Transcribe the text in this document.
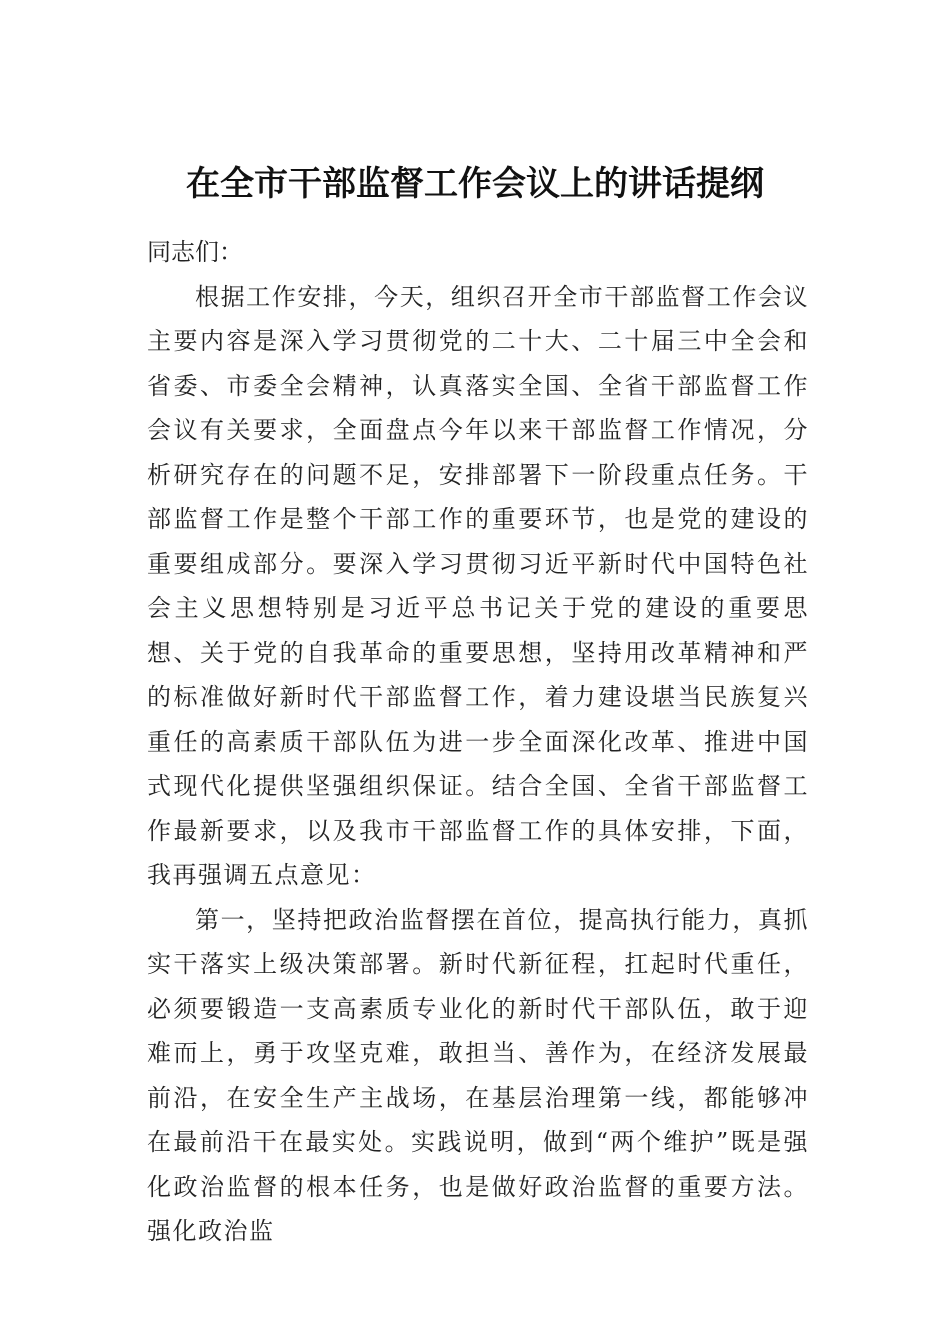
在全市干部监督工作会议上的讲话提纲

同志们：

根据工作安排，今天，组织召开全市干部监督工作会议主要内容是深入学习贯彻党的二十大、二十届三中全会和省委、市委全会精神，认真落实全国、全省干部监督工作会议有关要求，全面盘点今年以来干部监督工作情况，分析研究存在的问题不足，安排部署下一阶段重点任务。干部监督工作是整个干部工作的重要环节，也是党的建设的重要组成部分。要深入学习贯彻习近平新时代中国特色社会主义思想特别是习近平总书记关于党的建设的重要思想、关于党的自我革命的重要思想，坚持用改革精神和严的标准做好新时代干部监督工作，着力建设堪当民族复兴重任的高素质干部队伍为进一步全面深化改革、推进中国式现代化提供坚强组织保证。结合全国、全省干部监督工作最新要求，以及我市干部监督工作的具体安排，下面，我再强调五点意见：

第一，坚持把政治监督摆在首位，提高执行能力，真抓实干落实上级决策部署。新时代新征程，扛起时代重任，必须要锻造一支高素质专业化的新时代干部队伍，敢于迎难而上，勇于攻坚克难，敢担当、善作为，在经济发展最前沿，在安全生产主战场，在基层治理第一线，都能够冲在最前沿干在最实处。实践说明，做到“两个维护”既是强化政治监督的根本任务，也是做好政治监督的重要方法。强化政治监
